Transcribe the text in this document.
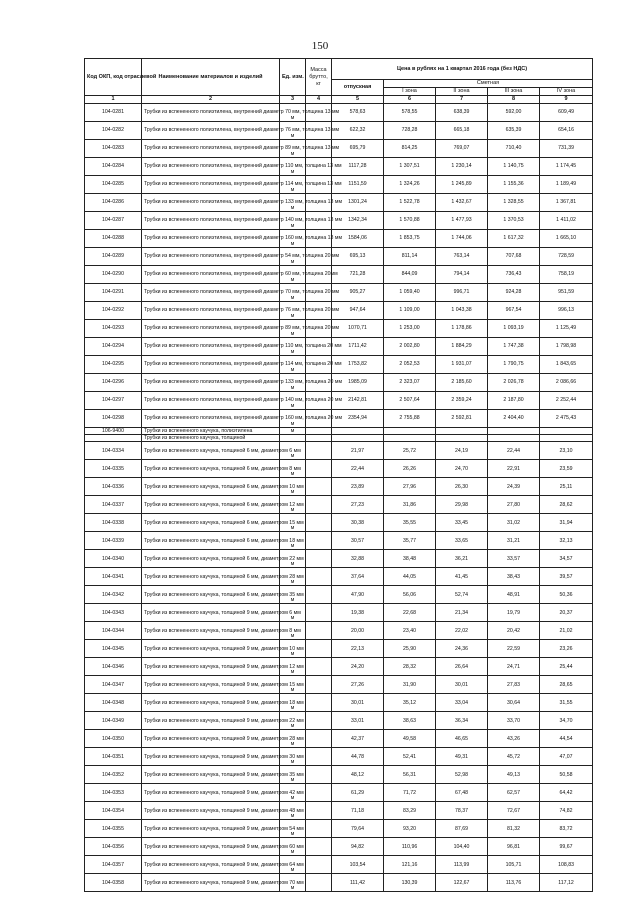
150
Код ОКП, код отраслевой	Наименование материалов и изделий	Ед. изм.	Масса брутто, кг	Цена в рублях на 1 квартал 2016 года (без НДС)				
				отпускная	Сметная			
					I зона	II зона	III зона	IV зона
1	2	3	4	5	6	7	8	9
104-0281	Трубки из вспененного полиэтилена, внутренний диаметр 70 мм, толщина 13 мм	м		578,63	578,55	638,39	592,00	609,49
104-0282	Трубки из вспененного полиэтилена, внутренний диаметр 76 мм, толщина 13 мм	м		622,32	728,28	665,18	635,39	654,16
104-0283	Трубки из вспененного полиэтилена, внутренний диаметр 89 мм, толщина 13 мм	м		695,79	814,25	769,07	710,40	731,39
104-0284	Трубки из вспененного полиэтилена, внутренний диаметр 110 мм, толщина 13 мм	м		1117,28	1 307,51	1 230,14	1 140,75	1 174,45
104-0285	Трубки из вспененного полиэтилена, внутренний диаметр 114 мм, толщина 13 мм	м		1151,59	1 324,26	1 245,89	1 155,36	1 189,49
104-0286	Трубки из вспененного полиэтилена, внутренний диаметр 133 мм, толщина 13 мм	м		1301,24	1 522,78	1 432,67	1 328,55	1 367,81
104-0287	Трубки из вспененного полиэтилена, внутренний диаметр 140 мм, толщина 13 мм	м		1342,34	1 570,88	1 477,93	1 370,53	1 411,02
104-0288	Трубки из вспененного полиэтилена, внутренний диаметр 160 мм, толщина 13 мм	м		1584,06	1 853,75	1 744,06	1 617,32	1 665,10
104-0289	Трубки из вспененного полиэтилена, внутренний диаметр 54 мм, толщина 20 мм	м		695,13	811,14	763,14	707,68	728,59
104-0290	Трубки из вспененного полиэтилена, внутренний диаметр 60 мм, толщина 20мм	м		721,28	844,09	794,14	736,43	758,19
104-0291	Трубки из вспененного полиэтилена, внутренний диаметр 70 мм, толщина 20 мм	м		905,27	1 059,40	996,71	924,28	951,59
104-0292	Трубки из вспененного полиэтилена, внутренний диаметр 76 мм, толщина 20 мм	м		947,64	1 109,00	1 043,38	967,54	996,13
104-0293	Трубки из вспененного полиэтилена, внутренний диаметр 89 мм, толщина 20 мм	м		1070,71	1 253,00	1 178,86	1 093,19	1 125,49
104-0294	Трубки из вспененного полиэтилена, внутренний диаметр 110 мм, толщина 20 мм	м		1711,42	2 002,80	1 884,29	1 747,38	1 798,98
104-0295	Трубки из вспененного полиэтилена, внутренний диаметр 114 мм, толщина 20 мм	м		1753,82	2 052,53	1 931,07	1 790,75	1 843,65
104-0296	Трубки из вспененного полиэтилена, внутренний диаметр 133 мм, толщина 20 мм	м		1985,09	2 323,07	2 185,60	2 026,78	2 086,66
104-0297	Трубки из вспененного полиэтилена, внутренний диаметр 140 мм, толщина 20 мм	м		2142,81	2 507,64	2 359,24	2 187,80	2 252,44
104-0298	Трубки из вспененного полиэтилена, внутренний диаметр 160 мм, толщина 20 мм	м		2354,94	2 755,88	2 592,81	2 404,40	2 475,43
106-9400	Трубки из вспененного каучука, полиэтилена	м						
	Трубки из вспененного каучука, толщиной							
104-0334	Трубки из вспененного каучука, толщиной 6 мм, диаметром 6 мм	м		21,97	25,72	24,19	22,44	23,10
104-0335	Трубки из вспененного каучука, толщиной 6 мм, диаметром 8 мм	м		22,44	26,26	24,70	22,91	23,59
104-0336	Трубки из вспененного каучука, толщиной 6 мм, диаметром 10 мм	м		23,89	27,96	26,30	24,39	25,11
104-0337	Трубки из вспененного каучука, толщиной 6 мм, диаметром 12 мм	м		27,23	31,86	29,98	27,80	28,62
104-0338	Трубки из вспененного каучука, толщиной 6 мм, диаметром 15 мм	м		30,38	35,55	33,45	31,02	31,94
104-0339	Трубки из вспененного каучука, толщиной 6 мм, диаметром 18 мм	м		30,57	35,77	33,65	31,21	32,13
104-0340	Трубки из вспененного каучука, толщиной 6 мм, диаметром 22 мм	м		32,88	38,48	36,21	33,57	34,57
104-0341	Трубки из вспененного каучука, толщиной 6 мм, диаметром 28 мм	м		37,64	44,05	41,45	38,43	39,57
104-0342	Трубки из вспененного каучука, толщиной 6 мм, диаметром 35 мм	м		47,90	56,06	52,74	48,91	50,36
104-0343	Трубки из вспененного каучука, толщиной 9 мм, диаметром 6 мм	м		19,38	22,68	21,34	19,79	20,37
104-0344	Трубки из вспененного каучука, толщиной 9 мм, диаметром 8 мм	м		20,00	23,40	22,02	20,42	21,02
104-0345	Трубки из вспененного каучука, толщиной 9 мм, диаметром 10 мм	м		22,13	25,90	24,36	22,59	23,26
104-0346	Трубки из вспененного каучука, толщиной 9 мм, диаметром 12 мм	м		24,20	28,32	26,64	24,71	25,44
104-0347	Трубки из вспененного каучука, толщиной 9 мм, диаметром 15 мм	м		27,26	31,90	30,01	27,83	28,65
104-0348	Трубки из вспененного каучука, толщиной 9 мм, диаметром 18 мм	м		30,01	35,12	33,04	30,64	31,55
104-0349	Трубки из вспененного каучука, толщиной 9 мм, диаметром 22 мм	м		33,01	38,63	36,34	33,70	34,70
104-0350	Трубки из вспененного каучука, толщиной 9 мм, диаметром 28 мм	м		42,37	49,58	46,65	43,26	44,54
104-0351	Трубки из вспененного каучука, толщиной 9 мм, диаметром 30 мм	м		44,78	52,41	49,31	45,72	47,07
104-0352	Трубки из вспененного каучука, толщиной 9 мм, диаметром 35 мм	м		48,12	56,31	52,98	49,13	50,58
104-0353	Трубки из вспененного каучука, толщиной 9 мм, диаметром 42 мм	м		61,29	71,72	67,48	62,57	64,42
104-0354	Трубки из вспененного каучука, толщиной 9 мм, диаметром 48 мм	м		71,18	83,29	78,37	72,67	74,82
104-0355	Трубки из вспененного каучука, толщиной 9 мм, диаметром 54 мм	м		79,64	93,20	87,69	81,32	83,72
104-0356	Трубки из вспененного каучука, толщиной 9 мм, диаметром 60 мм	м		94,82	110,96	104,40	96,81	99,67
104-0357	Трубки из вспененного каучука, толщиной 9 мм, диаметром 64 мм	м		103,54	121,16	113,99	105,71	108,83
104-0358	Трубки из вспененного каучука, толщиной 9 мм, диаметром 70 мм	м		111,42	130,39	122,67	113,76	117,12
